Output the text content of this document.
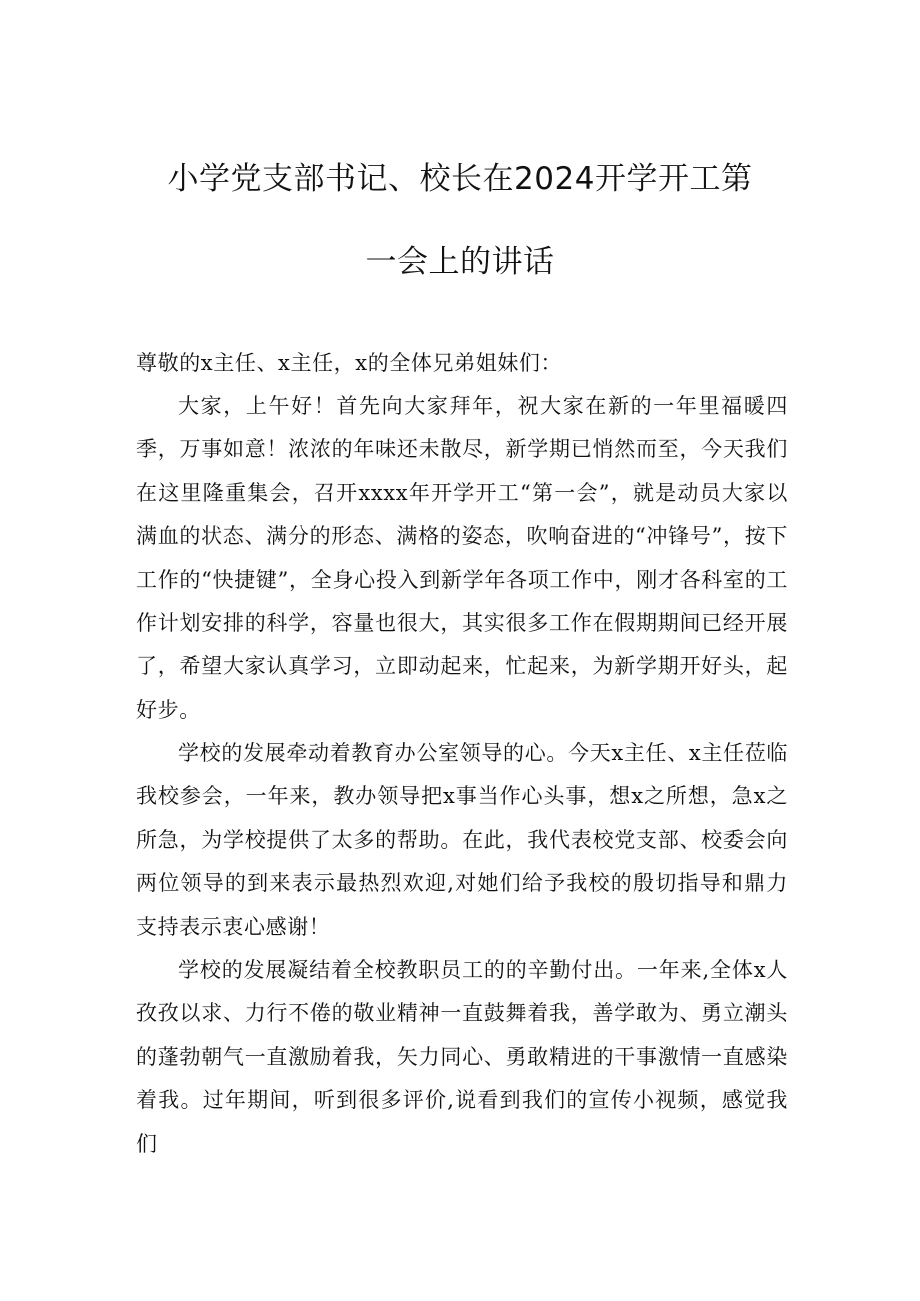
小学党支部书记、校长在2024开学开工第
一会上的讲话
尊敬的x主任、x主任，x的全体兄弟姐妹们：

大家，上午好！首先向大家拜年，祝大家在新的一年里福暖四季，万事如意！浓浓的年味还未散尽，新学期已悄然而至，今天我们在这里隆重集会，召开xxxx年开学开工“第一会”，就是动员大家以满血的状态、满分的形态、满格的姿态，吹响奋进的“冲锋号”，按下工作的“快捷键”，全身心投入到新学年各项工作中，刚才各科室的工作计划安排的科学，容量也很大，其实很多工作在假期期间已经开展了，希望大家认真学习，立即动起来，忙起来，为新学期开好头，起好步。

学校的发展牵动着教育办公室领导的心。今天x主任、x主任莅临我校参会，一年来，教办领导把x事当作心头事，想x之所想，急x之所急，为学校提供了太多的帮助。在此，我代表校党支部、校委会向两位领导的到来表示最热烈欢迎,对她们给予我校的殷切指导和鼎力支持表示衷心感谢！

学校的发展凝结着全校教职员工的的辛勤付出。一年来,全体x人孜孜以求、力行不倦的敬业精神一直鼓舞着我，善学敢为、勇立潮头的蓬勃朝气一直激励着我，矢力同心、勇敢精进的干事激情一直感染着我。过年期间，听到很多评价,说看到我们的宣传小视频，感觉我们
